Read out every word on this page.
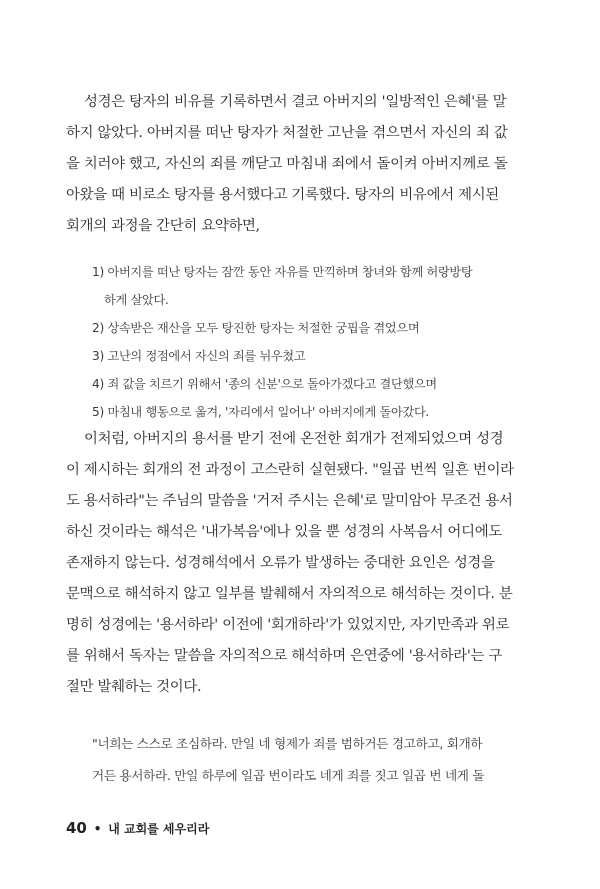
성경은 탕자의 비유를 기록하면서 결코 아버지의 '일방적인 은혜'를 말
하지 않았다. 아버지를 떠난 탕자가 처절한 고난을 겪으면서 자신의 죄 값
을 치러야 했고, 자신의 죄를 깨닫고 마침내 죄에서 돌이켜 아버지께로 돌
아왔을 때 비로소 탕자를 용서했다고 기록했다. 탕자의 비유에서 제시된
회개의 과정을 간단히 요약하면,
1) 아버지를 떠난 탕자는 잠깐 동안 자유를 만끽하며 창녀와 함께 허랑방탕
하게 살았다.
2) 상속받은 재산을 모두 탕진한 탕자는 처절한 궁핍을 겪었으며
3) 고난의 정점에서 자신의 죄를 뉘우쳤고
4) 죄 값을 치르기 위해서 '종의 신분'으로 돌아가겠다고 결단했으며
5) 마침내 행동으로 옮겨, '자리에서 일어나' 아버지에게 돌아갔다.
이처럼, 아버지의 용서를 받기 전에 온전한 회개가 전제되었으며 성경
이 제시하는 회개의 전 과정이 고스란히 실현됐다. "일곱 번씩 일흔 번이라
도 용서하라"는 주님의 말씀을 '거저 주시는 은혜'로 말미암아 무조건 용서
하신 것이라는 해석은 '내가복음'에나 있을 뿐 성경의 사복음서 어디에도
존재하지 않는다. 성경해석에서 오류가 발생하는 중대한 요인은 성경을
문맥으로 해석하지 않고 일부를 발췌해서 자의적으로 해석하는 것이다. 분
명히 성경에는 '용서하라' 이전에 '회개하라'가 있었지만, 자기만족과 위로
를 위해서 독자는 말씀을 자의적으로 해석하며 은연중에 '용서하라'는 구
절만 발췌하는 것이다.
"너희는 스스로 조심하라. 만일 네 형제가 죄를 범하거든 경고하고, 회개하
거든 용서하라. 만일 하루에 일곱 번이라도 네게 죄를 짓고 일곱 번 네게 돌
40 • 내 교회를 세우리라
